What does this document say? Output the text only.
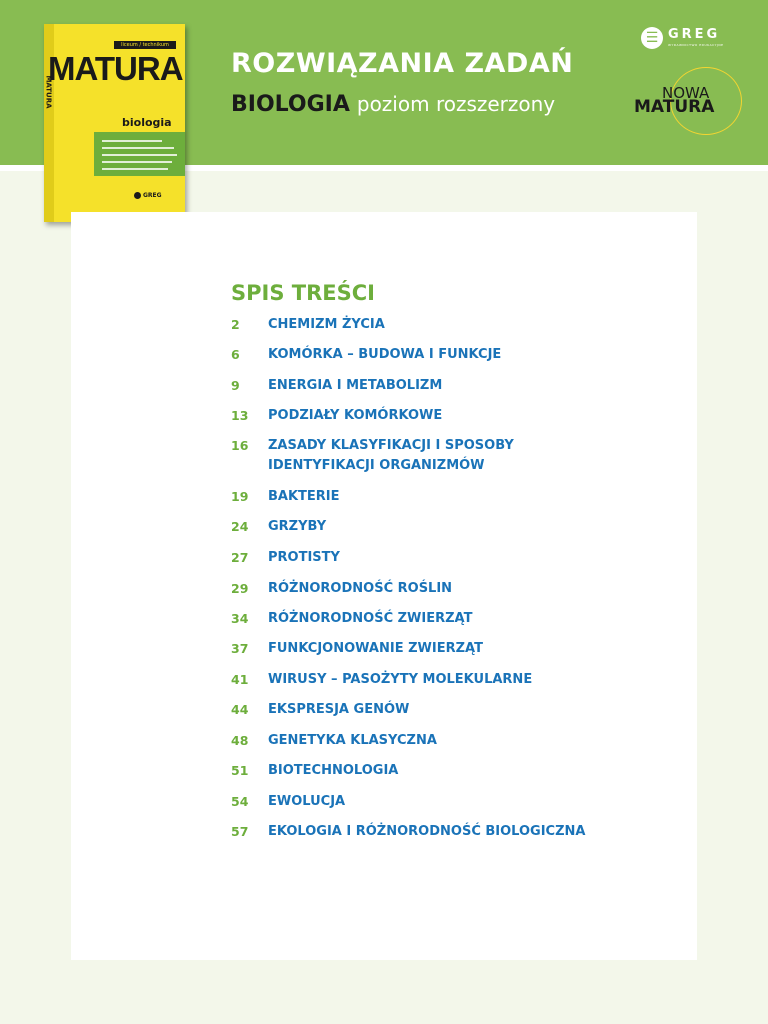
ROZWIĄZANIA ZADAŃ
BIOLOGIA poziom rozszerzony
liceum / technikum
MATURA
MATURA
biologia
GREG
☰ GREG
WYDAWNICTWO EDUKACYJNE
NOWA
MATURA
SPIS TREŚCI
2	CHEMIZM ŻYCIA
6	KOMÓRKA – BUDOWA I FUNKCJE
9	ENERGIA I METABOLIZM
13	PODZIAŁY KOMÓRKOWE
16	ZASADY KLASYFIKACJI I SPOSOBY
IDENTYFIKACJI ORGANIZMÓW
19	BAKTERIE
24	GRZYBY
27	PROTISTY
29	RÓŻNORODNOŚĆ ROŚLIN
34	RÓŻNORODNOŚĆ ZWIERZĄT
37	FUNKCJONOWANIE ZWIERZĄT
41	WIRUSY – PASOŻYTY MOLEKULARNE
44	EKSPRESJA GENÓW
48	GENETYKA KLASYCZNA
51	BIOTECHNOLOGIA
54	EWOLUCJA
57	EKOLOGIA I RÓŻNORODNOŚĆ BIOLOGICZNA
